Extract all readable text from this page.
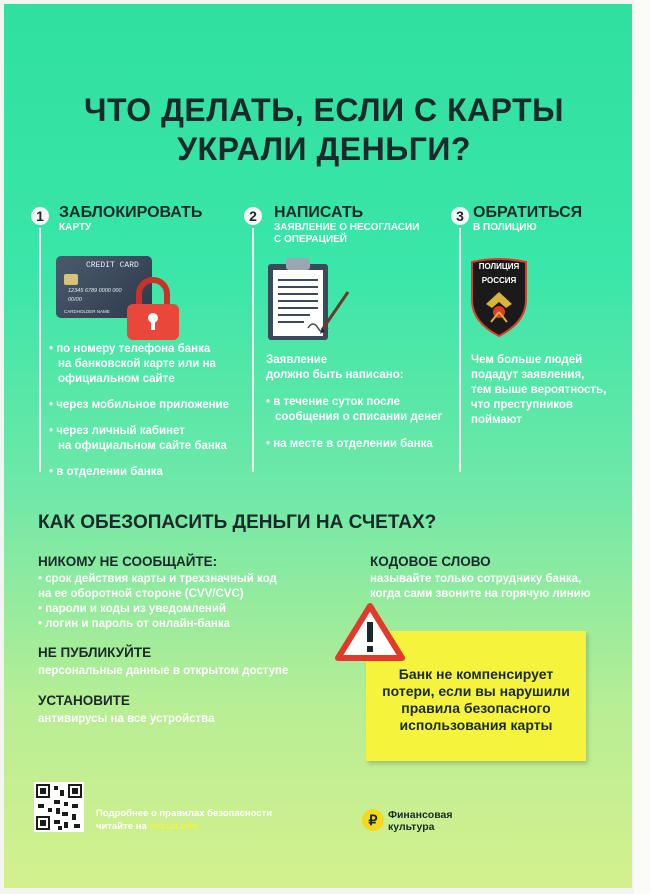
ЧТО ДЕЛАТЬ, ЕСЛИ С КАРТЫ
УКРАЛИ ДЕНЬГИ?
1 ЗАБЛОКИРОВАТЬ
КАРТУ
CREDIT CARD
12345 6789 0000 000
00/00
CARDHOLDER NAME
• по номеру телефона банка
на банковской карте или на
официальном сайте
• через мобильное приложение
• через личный кабинет
на официальном сайте банка
• в отделении банка
2	НАПИСАТЬ
ЗАЯВЛЕНИЕ О НЕСОГЛАСИИ
С ОПЕРАЦИЕЙ
Заявление
должно быть написано:
• в течение суток после
сообщения о списании денег
• на месте в отделении банка
3 ОБРАТИТЬСЯ
В ПОЛИЦИЮ
ПОЛИЦИЯ
РОССИЯ
Чем больше людей
подадут заявления,
тем выше вероятность,
что преступников
поймают
КАК ОБЕЗОПАСИТЬ ДЕНЬГИ НА СЧЕТАХ?
НИКОМУ НЕ СООБЩАЙТЕ:
• срок действия карты и трехзначный код
на ее оборотной стороне (CVV/CVC)
• пароли и коды из уведомлений
• логин и пароль от онлайн-банка
НЕ ПУБЛИКУЙТЕ
персональные данные в открытом доступе
УСТАНОВИТЕ
антивирусы на все устройства
КОДОВОЕ СЛОВО
называйте только сотруднику банка,
когда сами звоните на горячую линию
Банк не компенсирует
потери, если вы нарушили
правила безопасного
использования карты
Подробнее о правилах безопасности
читайте на fincult.info	₽	Финансовая
культура
